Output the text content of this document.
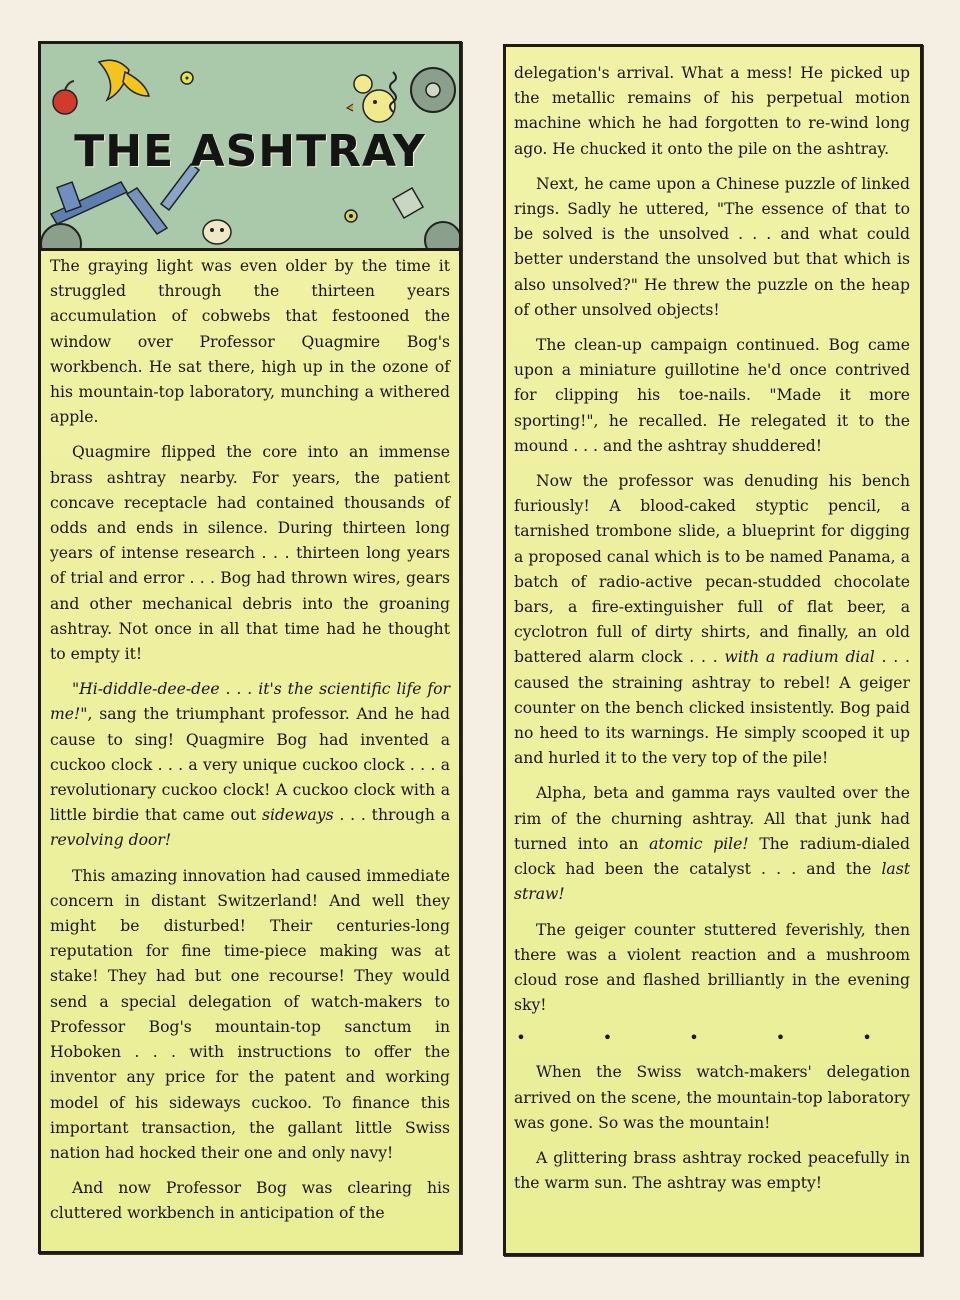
THE ASHTRAY

The graying light was even older by the time it struggled through the thirteen years accumulation of cobwebs that festooned the window over Professor Quagmire Bog's workbench. He sat there, high up in the ozone of his mountain-top laboratory, munching a withered apple.

Quagmire flipped the core into an immense brass ashtray nearby. For years, the patient concave receptacle had contained thousands of odds and ends in silence. During thirteen long years of intense research . . . thirteen long years of trial and error . . . Bog had thrown wires, gears and other mechanical debris into the groaning ashtray. Not once in all that time had he thought to empty it!

"Hi-diddle-dee-dee . . . it's the scientific life for me!", sang the triumphant professor. And he had cause to sing! Quagmire Bog had invented a cuckoo clock . . . a very unique cuckoo clock . . . a revolutionary cuckoo clock! A cuckoo clock with a little birdie that came out sideways . . . through a revolving door!

This amazing innovation had caused immediate concern in distant Switzerland! And well they might be disturbed! Their centuries-long reputation for fine time-piece making was at stake! They had but one recourse! They would send a special delegation of watch-makers to Professor Bog's mountain-top sanctum in Hoboken . . . with instructions to offer the inventor any price for the patent and working model of his sideways cuckoo. To finance this important transaction, the gallant little Swiss nation had hocked their one and only navy!

And now Professor Bog was clearing his cluttered workbench in anticipation of the

delegation's arrival. What a mess! He picked up the metallic remains of his perpetual motion machine which he had forgotten to re-wind long ago. He chucked it onto the pile on the ashtray.

Next, he came upon a Chinese puzzle of linked rings. Sadly he uttered, "The essence of that to be solved is the unsolved . . . and what could better understand the unsolved but that which is also unsolved?" He threw the puzzle on the heap of other unsolved objects!

The clean-up campaign continued. Bog came upon a miniature guillotine he'd once contrived for clipping his toe-nails. "Made it more sporting!", he recalled. He relegated it to the mound . . . and the ashtray shuddered!

Now the professor was denuding his bench furiously! A blood-caked styptic pencil, a tarnished trombone slide, a blueprint for digging a proposed canal which is to be named Panama, a batch of radio-active pecan-studded chocolate bars, a fire-extinguisher full of flat beer, a cyclotron full of dirty shirts, and finally, an old battered alarm clock . . . with a radium dial . . . caused the straining ashtray to rebel! A geiger counter on the bench clicked insistently. Bog paid no heed to its warnings. He simply scooped it up and hurled it to the very top of the pile!

Alpha, beta and gamma rays vaulted over the rim of the churning ashtray. All that junk had turned into an atomic pile! The radium-dialed clock had been the catalyst . . . and the last straw!

The geiger counter stuttered feverishly, then there was a violent reaction and a mushroom cloud rose and flashed brilliantly in the evening sky!

• • • • •

When the Swiss watch-makers' delegation arrived on the scene, the mountain-top laboratory was gone. So was the mountain!

A glittering brass ashtray rocked peacefully in the warm sun. The ashtray was empty!
